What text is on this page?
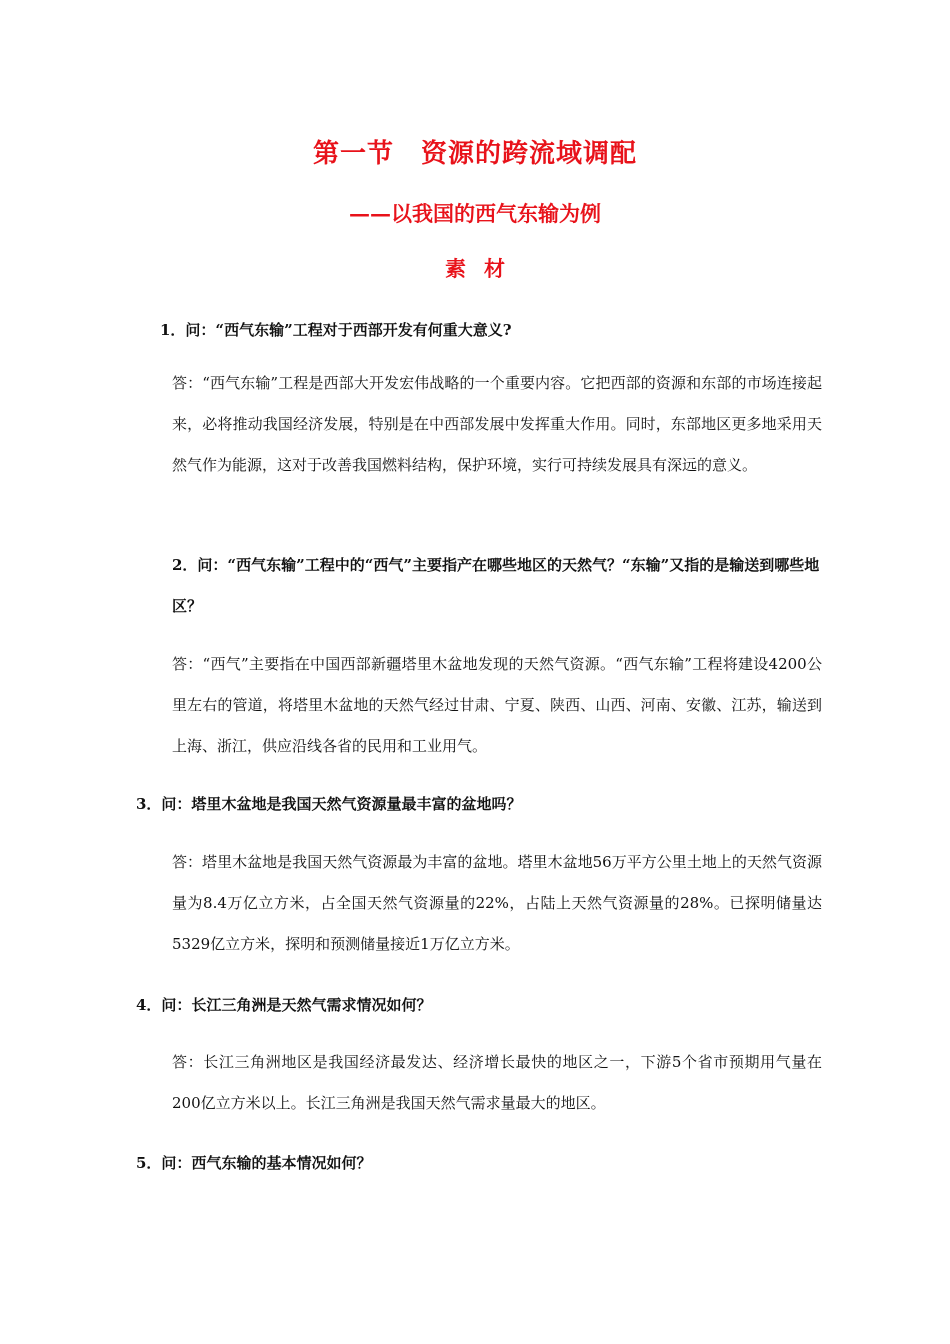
第一节　资源的跨流域调配
——以我国的西气东输为例
素材
1．问：“西气东输”工程对于西部开发有何重大意义?
答：“西气东输”工程是西部大开发宏伟战略的一个重要内容。它把西部的资源和东部的市场连接起来，必将推动我国经济发展，特别是在中西部发展中发挥重大作用。同时，东部地区更多地采用天然气作为能源，这对于改善我国燃料结构，保护环境，实行可持续发展具有深远的意义。
2．问：“西气东输”工程中的“西气”主要指产在哪些地区的天然气？“东输”又指的是输送到哪些地区？
答：“西气”主要指在中国西部新疆塔里木盆地发现的天然气资源。“西气东输”工程将建设4200公里左右的管道，将塔里木盆地的天然气经过甘肃、宁夏、陕西、山西、河南、安徽、江苏，输送到上海、浙江，供应沿线各省的民用和工业用气。
3．问：塔里木盆地是我国天然气资源量最丰富的盆地吗？
答：塔里木盆地是我国天然气资源最为丰富的盆地。塔里木盆地56万平方公里土地上的天然气资源量为8.4万亿立方米，占全国天然气资源量的22%，占陆上天然气资源量的28%。已探明储量达5329亿立方米，探明和预测储量接近1万亿立方米。
4．问：长江三角洲是天然气需求情况如何？
答：长江三角洲地区是我国经济最发达、经济增长最快的地区之一，下游5个省市预期用气量在200亿立方米以上。长江三角洲是我国天然气需求量最大的地区。
5．问：西气东输的基本情况如何？
